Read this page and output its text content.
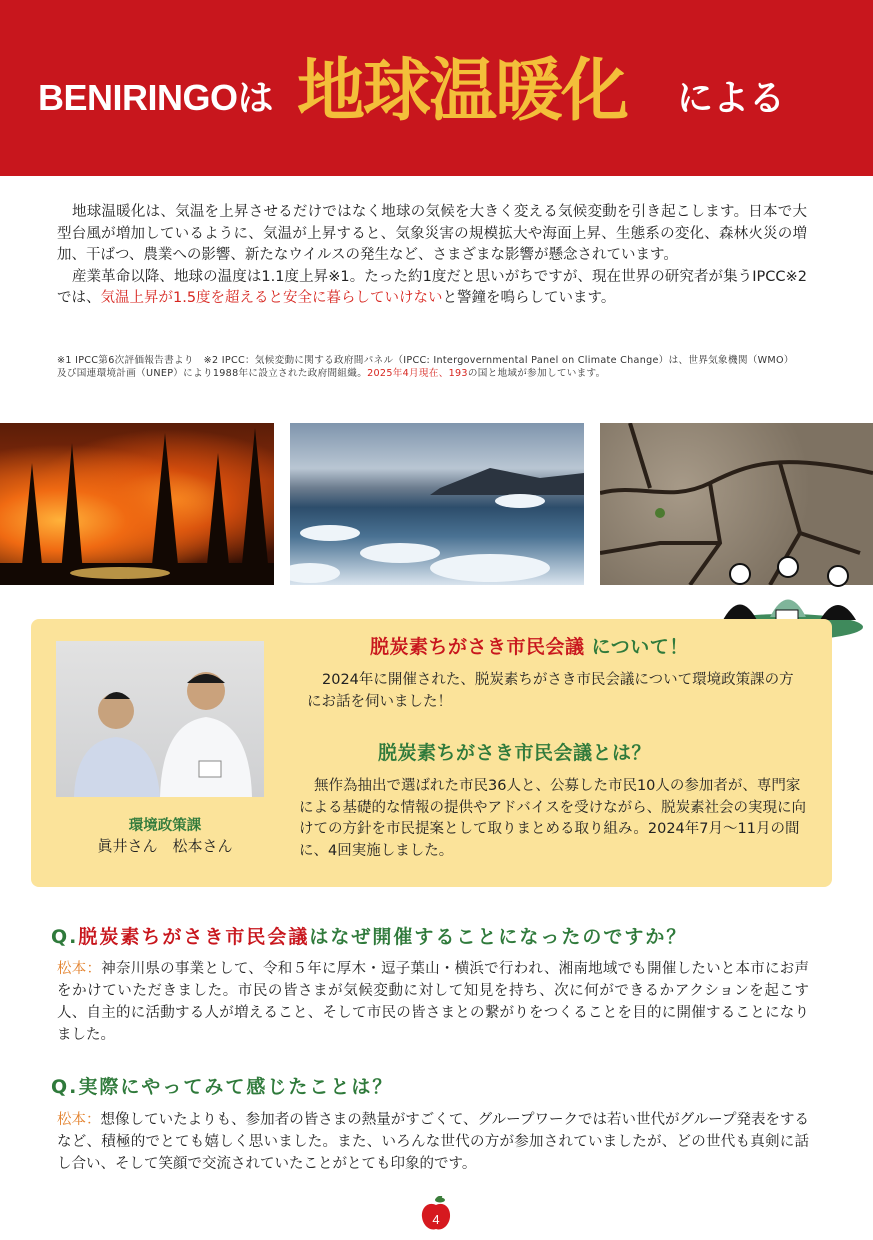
BENIRINGOは 地球温暖化 による

地球温暖化は、気温を上昇させるだけではなく地球の気候を大きく変える気候変動を引き起こします。日本で大型台風が増加しているように、気温が上昇すると、気象災害の規模拡大や海面上昇、生態系の変化、森林火災の増加、干ばつ、農業への影響、新たなウイルスの発生など、さまざまな影響が懸念されています。

産業革命以降、地球の温度は1.1度上昇※1。たった約1度だと思いがちですが、現在世界の研究者が集うIPCC※2では、気温上昇が1.5度を超えると安全に暮らしていけないと警鐘を鳴らしています。

※1 IPCC第6次評価報告書より　※2 IPCC：気候変動に関する政府間パネル（IPCC: Intergovernmental Panel on Climate Change）は、世界気象機関（WMO）及び国連環境計画（UNEP）により1988年に設立された政府間組織。2025年4月現在、193の国と地域が参加しています。
環境政策課
眞井さん　松本さん
脱炭素ちがさき市民会議 について！

2024年に開催された、脱炭素ちがさき市民会議について環境政策課の方にお話を伺いました！

脱炭素ちがさき市民会議とは？

無作為抽出で選ばれた市民36人と、公募した市民10人の参加者が、専門家による基礎的な情報の提供やアドバイスを受けながら、脱炭素社会の実現に向けての方針を市民提案として取りまとめる取り組み。2024年7月〜11月の間に、4回実施しました。

Q.脱炭素ちがさき市民会議はなぜ開催することになったのですか？
松本：神奈川県の事業として、令和５年に厚木・逗子葉山・横浜で行われ、湘南地域でも開催したいと本市にお声をかけていただきました。市民の皆さまが気候変動に対して知見を持ち、次に何ができるかアクションを起こす人、自主的に活動する人が増えること、そして市民の皆さまとの繋がりをつくることを目的に開催することになりました。
Q.実際にやってみて感じたことは？
松本：想像していたよりも、参加者の皆さまの熱量がすごくて、グループワークでは若い世代がグループ発表をするなど、積極的でとても嬉しく思いました。また、いろんな世代の方が参加されていましたが、どの世代も真剣に話し合い、そして笑顔で交流されていたことがとても印象的です。
4
